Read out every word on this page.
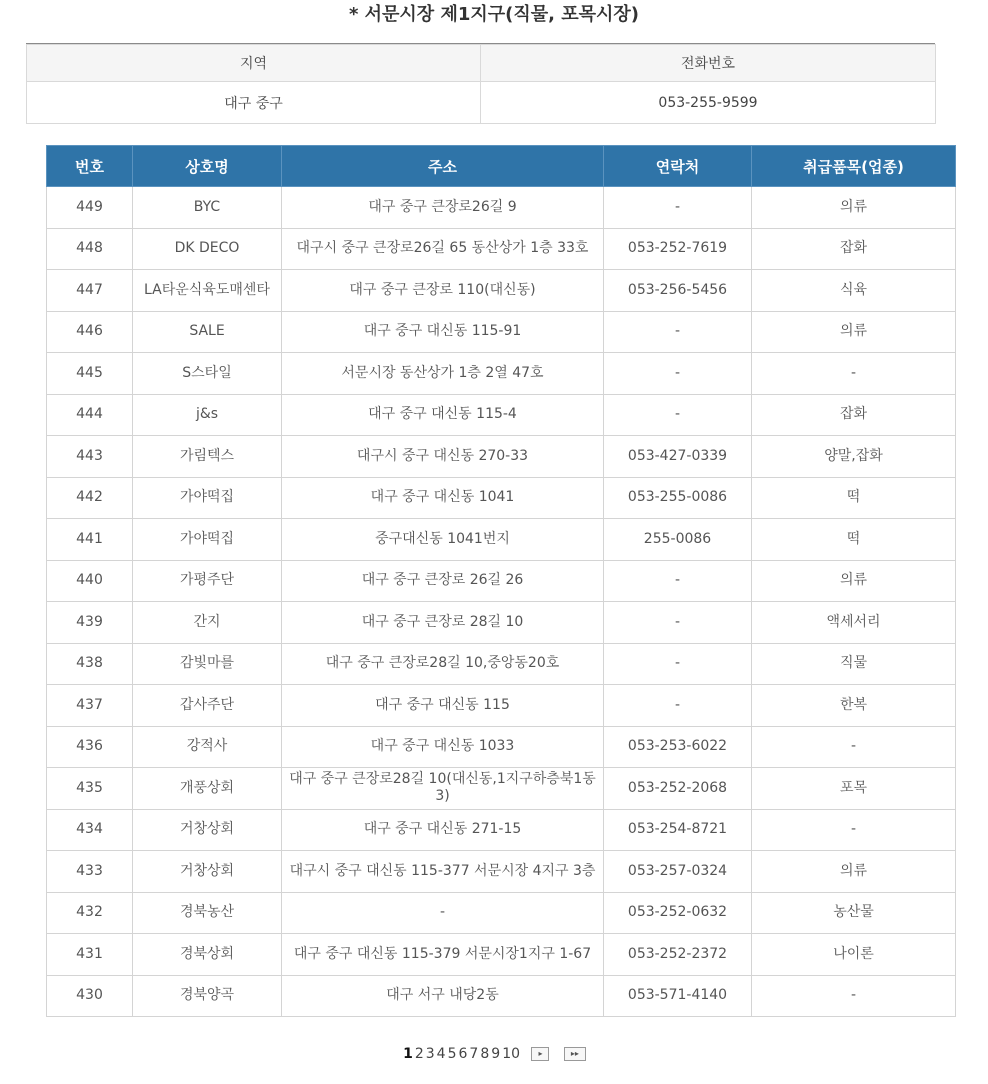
* 서문시장 제1지구(직물, 포목시장)
지역	전화번호
대구 중구	053-255-9599
번호	상호명	주소	연락처	취급품목(업종)
449	BYC	대구 중구 큰장로26길 9	-	의류
448	DK DECO	대구시 중구 큰장로26길 65 동산상가 1층 33호	053-252-7619	잡화
447	LA타운식육도매센타	대구 중구 큰장로 110(대신동)	053-256-5456	식육
446	SALE	대구 중구 대신동 115-91	-	의류
445	S스타일	서문시장 동산상가 1층 2열 47호	-	-
444	j&s	대구 중구 대신동 115-4	-	잡화
443	가림텍스	대구시 중구 대신동 270-33	053-427-0339	양말,잡화
442	가야떡집	대구 중구 대신동 1041	053-255-0086	떡
441	가야떡집	중구대신동 1041번지	255-0086	떡
440	가평주단	대구 중구 큰장로 26길 26	-	의류
439	간지	대구 중구 큰장로 28길 10	-	액세서리
438	감빛마를	대구 중구 큰장로28길 10,중앙동20호	-	직물
437	갑사주단	대구 중구 대신동 115	-	한복
436	강적사	대구 중구 대신동 1033	053-253-6022	-
435	개풍상회	대구 중구 큰장로28길 10(대신동,1지구하층북1동3)	053-252-2068	포목
434	거창상회	대구 중구 대신동 271-15	053-254-8721	-
433	거창상회	대구시 중구 대신동 115-377 서문시장 4지구 3층	053-257-0324	의류
432	경북농산	-	053-252-0632	농산물
431	경북상회	대구 중구 대신동 115-379 서문시장1지구 1-67	053-252-2372	나이론
430	경북양곡	대구 서구 내당2동	053-571-4140	-
1 2 3 4 5 6 7 8 9 10 ▸	▸▸
